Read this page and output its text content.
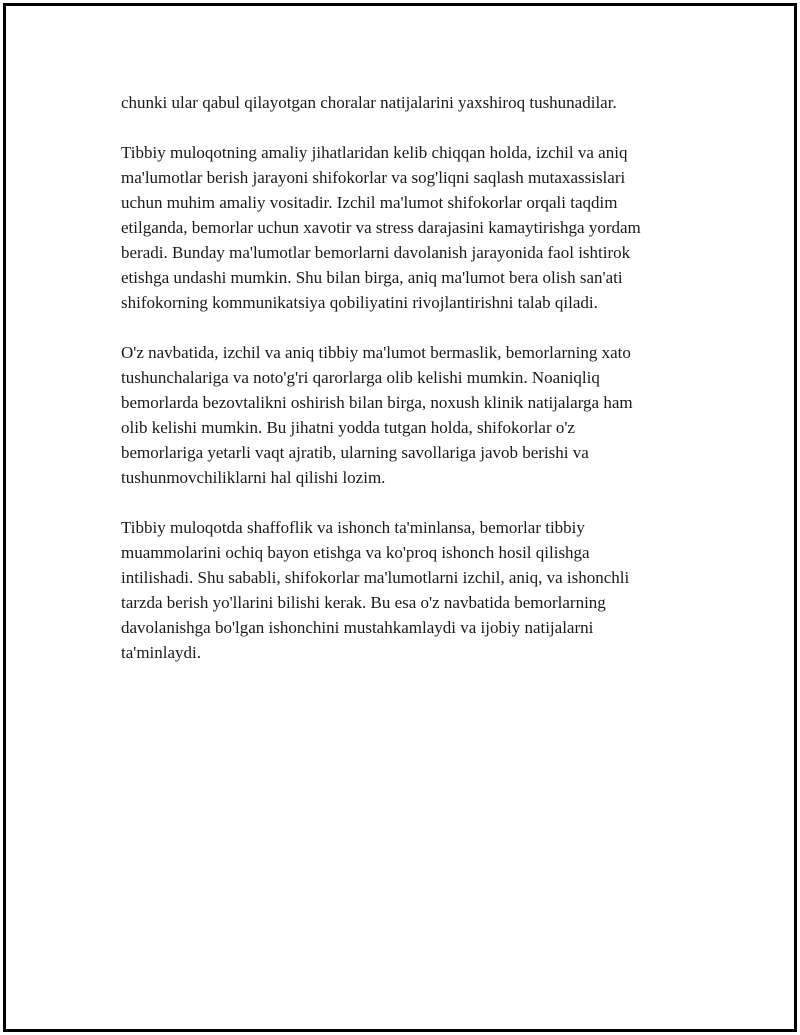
chunki ular qabul qilayotgan choralar natijalarini yaxshiroq tushunadilar.

Tibbiy muloqotning amaliy jihatlaridan kelib chiqqan holda, izchil va aniq
ma'lumotlar berish jarayoni shifokorlar va sog'liqni saqlash mutaxassislari
uchun muhim amaliy vositadir. Izchil ma'lumot shifokorlar orqali taqdim
etilganda, bemorlar uchun xavotir va stress darajasini kamaytirishga yordam
beradi. Bunday ma'lumotlar bemorlarni davolanish jarayonida faol ishtirok
etishga undashi mumkin. Shu bilan birga, aniq ma'lumot bera olish san'ati
shifokorning kommunikatsiya qobiliyatini rivojlantirishni talab qiladi.

O'z navbatida, izchil va aniq tibbiy ma'lumot bermaslik, bemorlarning xato
tushunchalariga va noto'g'ri qarorlarga olib kelishi mumkin. Noaniqliq
bemorlarda bezovtalikni oshirish bilan birga, noxush klinik natijalarga ham
olib kelishi mumkin. Bu jihatni yodda tutgan holda, shifokorlar o'z
bemorlariga yetarli vaqt ajratib, ularning savollariga javob berishi va
tushunmovchiliklarni hal qilishi lozim.

Tibbiy muloqotda shaffoflik va ishonch ta'minlansa, bemorlar tibbiy
muammolarini ochiq bayon etishga va ko'proq ishonch hosil qilishga
intilishadi. Shu sababli, shifokorlar ma'lumotlarni izchil, aniq, va ishonchli
tarzda berish yo'llarini bilishi kerak. Bu esa o'z navbatida bemorlarning
davolanishga bo'lgan ishonchini mustahkamlaydi va ijobiy natijalarni
ta'minlaydi.
